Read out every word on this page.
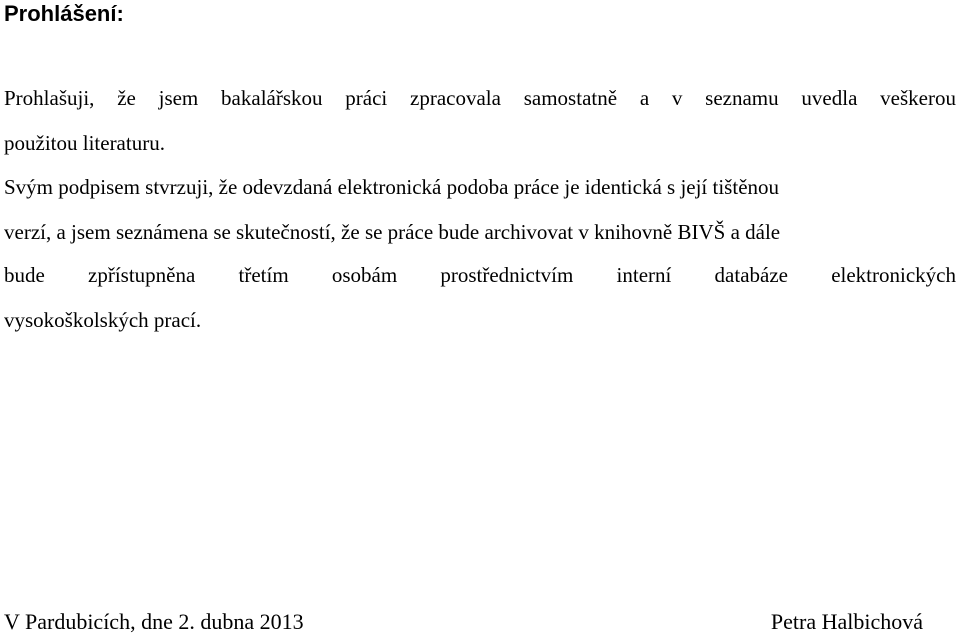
Prohlášení:
Prohlašuji, že jsem bakalářskou práci zpracovala samostatně a v seznamu uvedla veškerou
použitou literaturu.
Svým podpisem stvrzuji, že odevzdaná elektronická podoba práce je identická s její tištěnou
verzí, a jsem seznámena se skutečností, že se práce bude archivovat v knihovně BIVŠ a dále
bude zpřístupněna třetím osobám prostřednictvím interní databáze elektronických
vysokoškolských prací.
V Pardubicích, dne 2. dubna 2013	Petra Halbichová
